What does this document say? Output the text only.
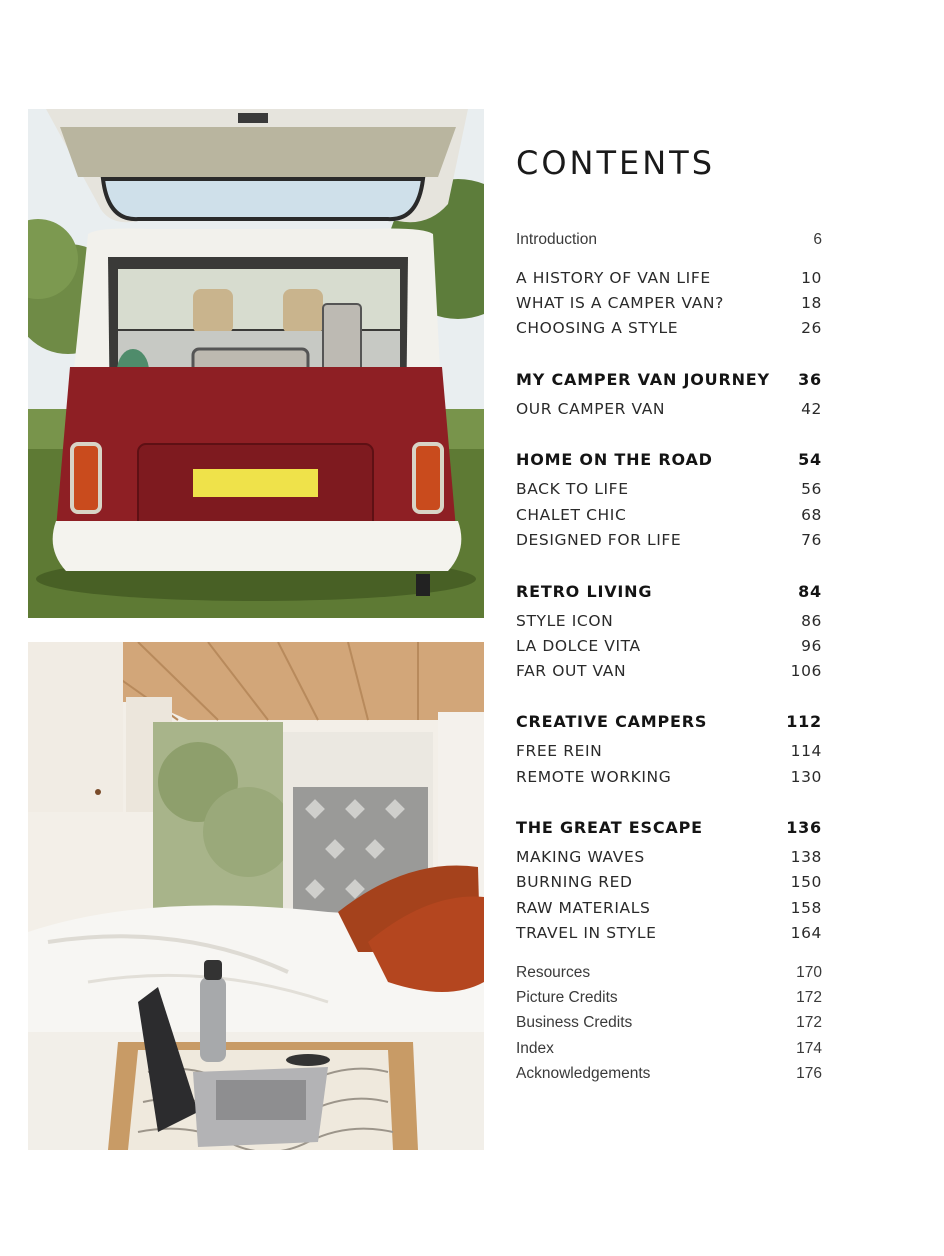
CONTENTS
Introduction	6
A HISTORY OF VAN LIFE	10
WHAT IS A CAMPER VAN?	18
CHOOSING A STYLE	26
MY CAMPER VAN JOURNEY 36
OUR CAMPER VAN	42
HOME ON THE ROAD	54
BACK TO LIFE	56
CHALET CHIC	68
DESIGNED FOR LIFE	76
RETRO LIVING	84
STYLE ICON	86
LA DOLCE VITA	96
FAR OUT VAN	106
CREATIVE CAMPERS	112
FREE REIN	114
REMOTE WORKING	130
THE GREAT ESCAPE	136
MAKING WAVES	138
BURNING RED	150
RAW MATERIALS	158
TRAVEL IN STYLE	164
Resources	170
Picture Credits	172
Business Credits	172
Index	174
Acknowledgements	176
